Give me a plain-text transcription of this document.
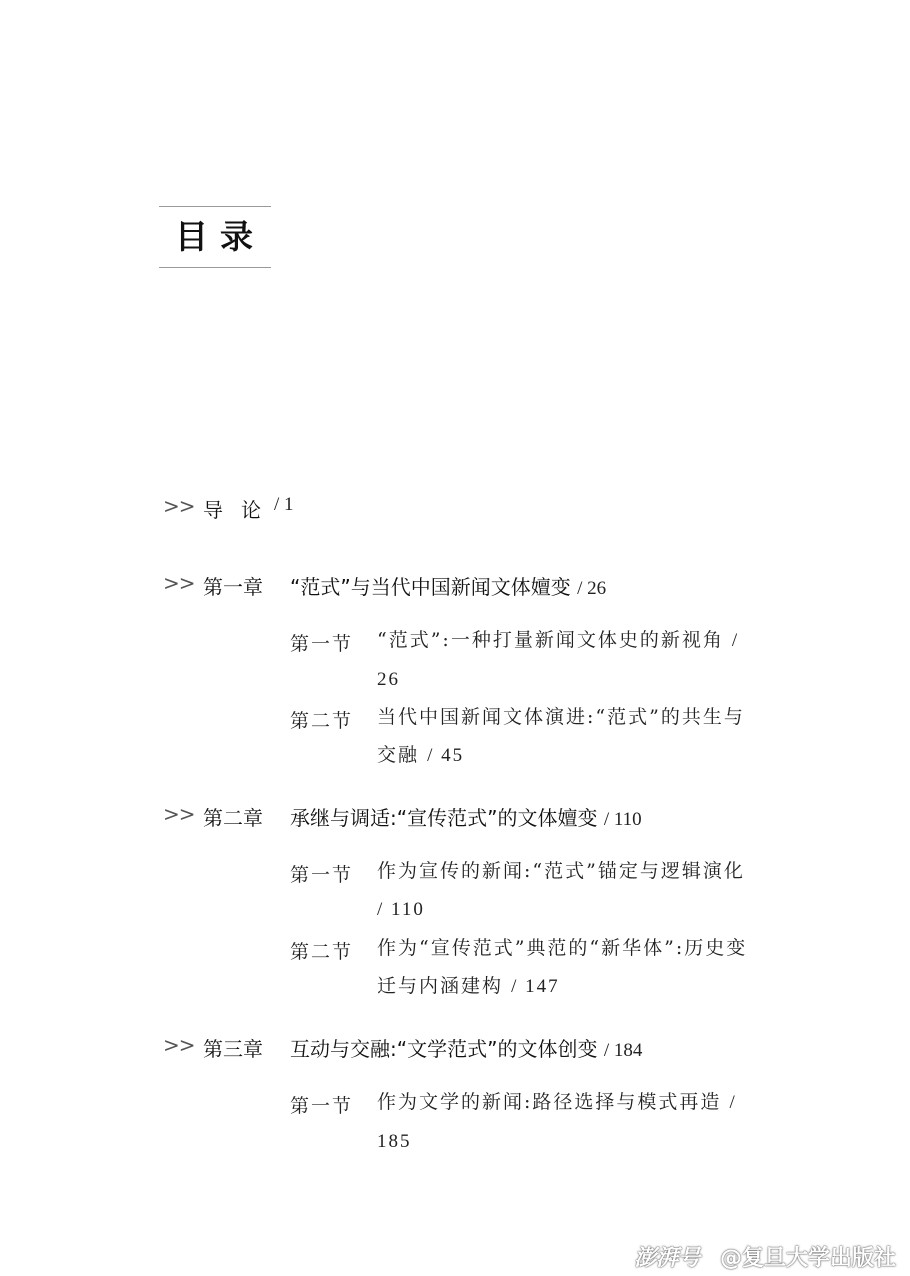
目录
>> 导论
/ 1
>> 第一章 “范式”与当代中国新闻文体嬗变 / 26
第一节 “范式”:一种打量新闻文体史的新视角 / 26
第二节 当代中国新闻文体演进:“范式”的共生与交融 / 45
>> 第二章 承继与调适:“宣传范式”的文体嬗变 / 110
第一节 作为宣传的新闻:“范式”锚定与逻辑演化 / 110
第二节 作为“宣传范式”典范的“新华体”:历史变迁与内涵建构 / 147
>> 第三章 互动与交融:“文学范式”的文体创变 / 184
第一节 作为文学的新闻:路径选择与模式再造 / 185
澎湃号 @复旦大学出版社
